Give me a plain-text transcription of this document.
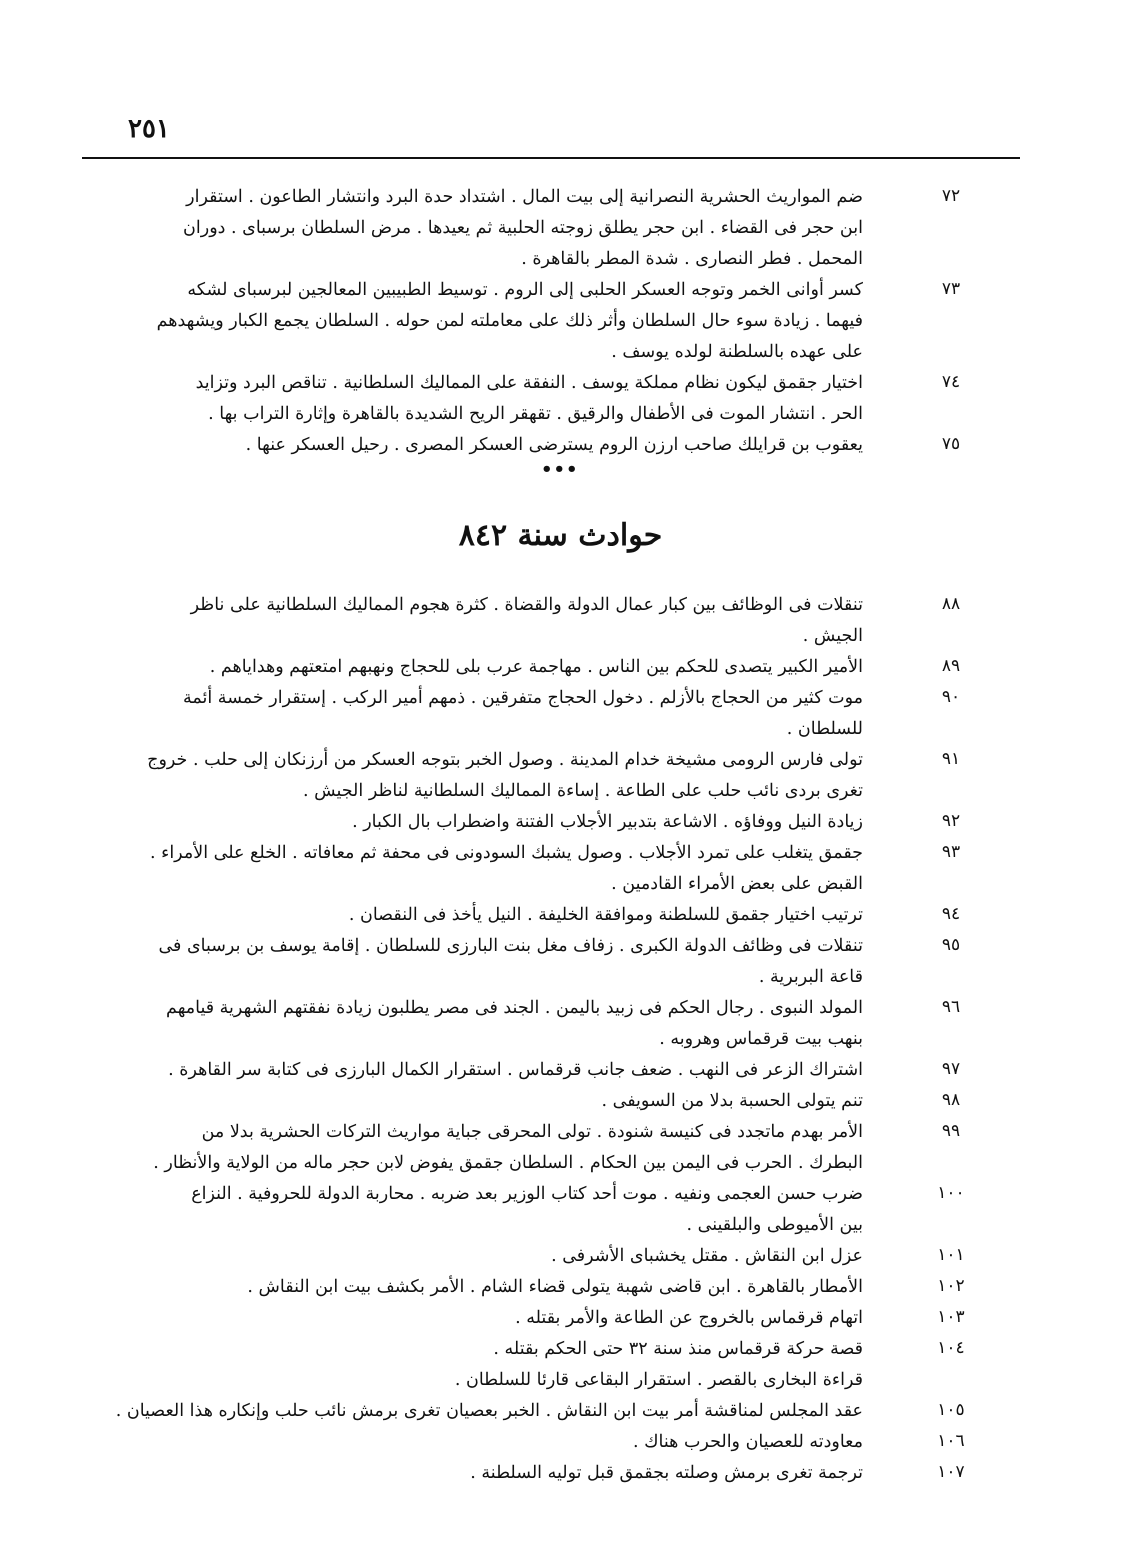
٢٥١
٧٢
ضم المواريث الحشرية النصرانية إلى بيت المال . اشتداد حدة البرد وانتشار الطاعون . استقرار
ابن حجر فى القضاء . ابن حجر يطلق زوجته الحلبية ثم يعيدها . مرض السلطان برسباى . دوران
المحمل . فطر النصارى . شدة المطر بالقاهرة .
٧٣
كسر أوانى الخمر وتوجه العسكر الحلبى إلى الروم . توسيط الطبيبين المعالجين لبرسباى لشكه
فيهما . زيادة سوء حال السلطان وأثر ذلك على معاملته لمن حوله . السلطان يجمع الكبار ويشهدهم
على عهده بالسلطنة لولده يوسف .
٧٤
اختيار جقمق ليكون نظام مملكة يوسف . النفقة على المماليك السلطانية . تناقص البرد وتزايد
الحر . انتشار الموت فى الأطفال والرقيق . تقهقر الريح الشديدة بالقاهرة وإثارة التراب بها .
٧٥
يعقوب بن قرايلك صاحب ارزن الروم يسترضى العسكر المصرى . رحيل العسكر عنها .
•••
حوادث سنة ٨٤٢
٨٨
تنقلات فى الوظائف بين كبار عمال الدولة والقضاة . كثرة هجوم المماليك السلطانية على ناظر
الجيش .
٨٩
الأمير الكبير يتصدى للحكم بين الناس . مهاجمة عرب بلى للحجاج ونهبهم امتعتهم وهداياهم .
٩٠
موت كثير من الحجاج بالأزلم . دخول الحجاج متفرقين . ذمهم أمير الركب . إستقرار خمسة أئمة
للسلطان .
٩١
تولى فارس الرومى مشيخة خدام المدينة . وصول الخبر بتوجه العسكر من أرزنكان إلى حلب . خروج
تغرى بردى نائب حلب على الطاعة . إساءة المماليك السلطانية لناظر الجيش .
٩٢
زيادة النيل ووفاؤه . الاشاعة بتدبير الأجلاب الفتنة واضطراب بال الكبار .
٩٣
جقمق يتغلب على تمرد الأجلاب . وصول يشبك السودونى فى محفة ثم معافاته . الخلع على الأمراء .
القبض على بعض الأمراء القادمين .
٩٤
ترتيب اختيار جقمق للسلطنة وموافقة الخليفة . النيل يأخذ فى النقصان .
٩٥
تنقلات فى وظائف الدولة الكبرى . زفاف مغل بنت البارزى للسلطان . إقامة يوسف بن برسباى فى
قاعة البربرية .
٩٦
المولد النبوى . رجال الحكم فى زبيد باليمن . الجند فى مصر يطلبون زيادة نفقتهم الشهرية قيامهم
بنهب بيت قرقماس وهروبه .
٩٧
اشتراك الزعر فى النهب . ضعف جانب قرقماس . استقرار الكمال البارزى فى كتابة سر القاهرة .
٩٨
تنم يتولى الحسبة بدلا من السويفى .
٩٩
الأمر بهدم ماتجدد فى كنيسة شنودة . تولى المحرقى جباية مواريث التركات الحشرية بدلا من
البطرك . الحرب فى اليمن بين الحكام . السلطان جقمق يفوض لابن حجر ماله من الولاية والأنظار .
١٠٠
ضرب حسن العجمى ونفيه . موت أحد كتاب الوزير بعد ضربه . محاربة الدولة للحروفية . النزاع
بين الأميوطى والبلقينى .
١٠١
عزل ابن النقاش . مقتل يخشباى الأشرفى .
١٠٢
الأمطار بالقاهرة . ابن قاضى شهبة يتولى قضاء الشام . الأمر بكشف بيت ابن النقاش .
١٠٣
اتهام قرقماس بالخروج عن الطاعة والأمر بقتله .
١٠٤
قصة حركة قرقماس منذ سنة ٣٢ حتى الحكم بقتله .
قراءة البخارى بالقصر . استقرار البقاعى قارئا للسلطان .
١٠٥
عقد المجلس لمناقشة أمر بيت ابن النقاش . الخبر بعصيان تغرى برمش نائب حلب وإنكاره هذا العصيان .
١٠٦
معاودته للعصيان والحرب هناك .
١٠٧
ترجمة تغرى برمش وصلته بجقمق قبل توليه السلطنة .
